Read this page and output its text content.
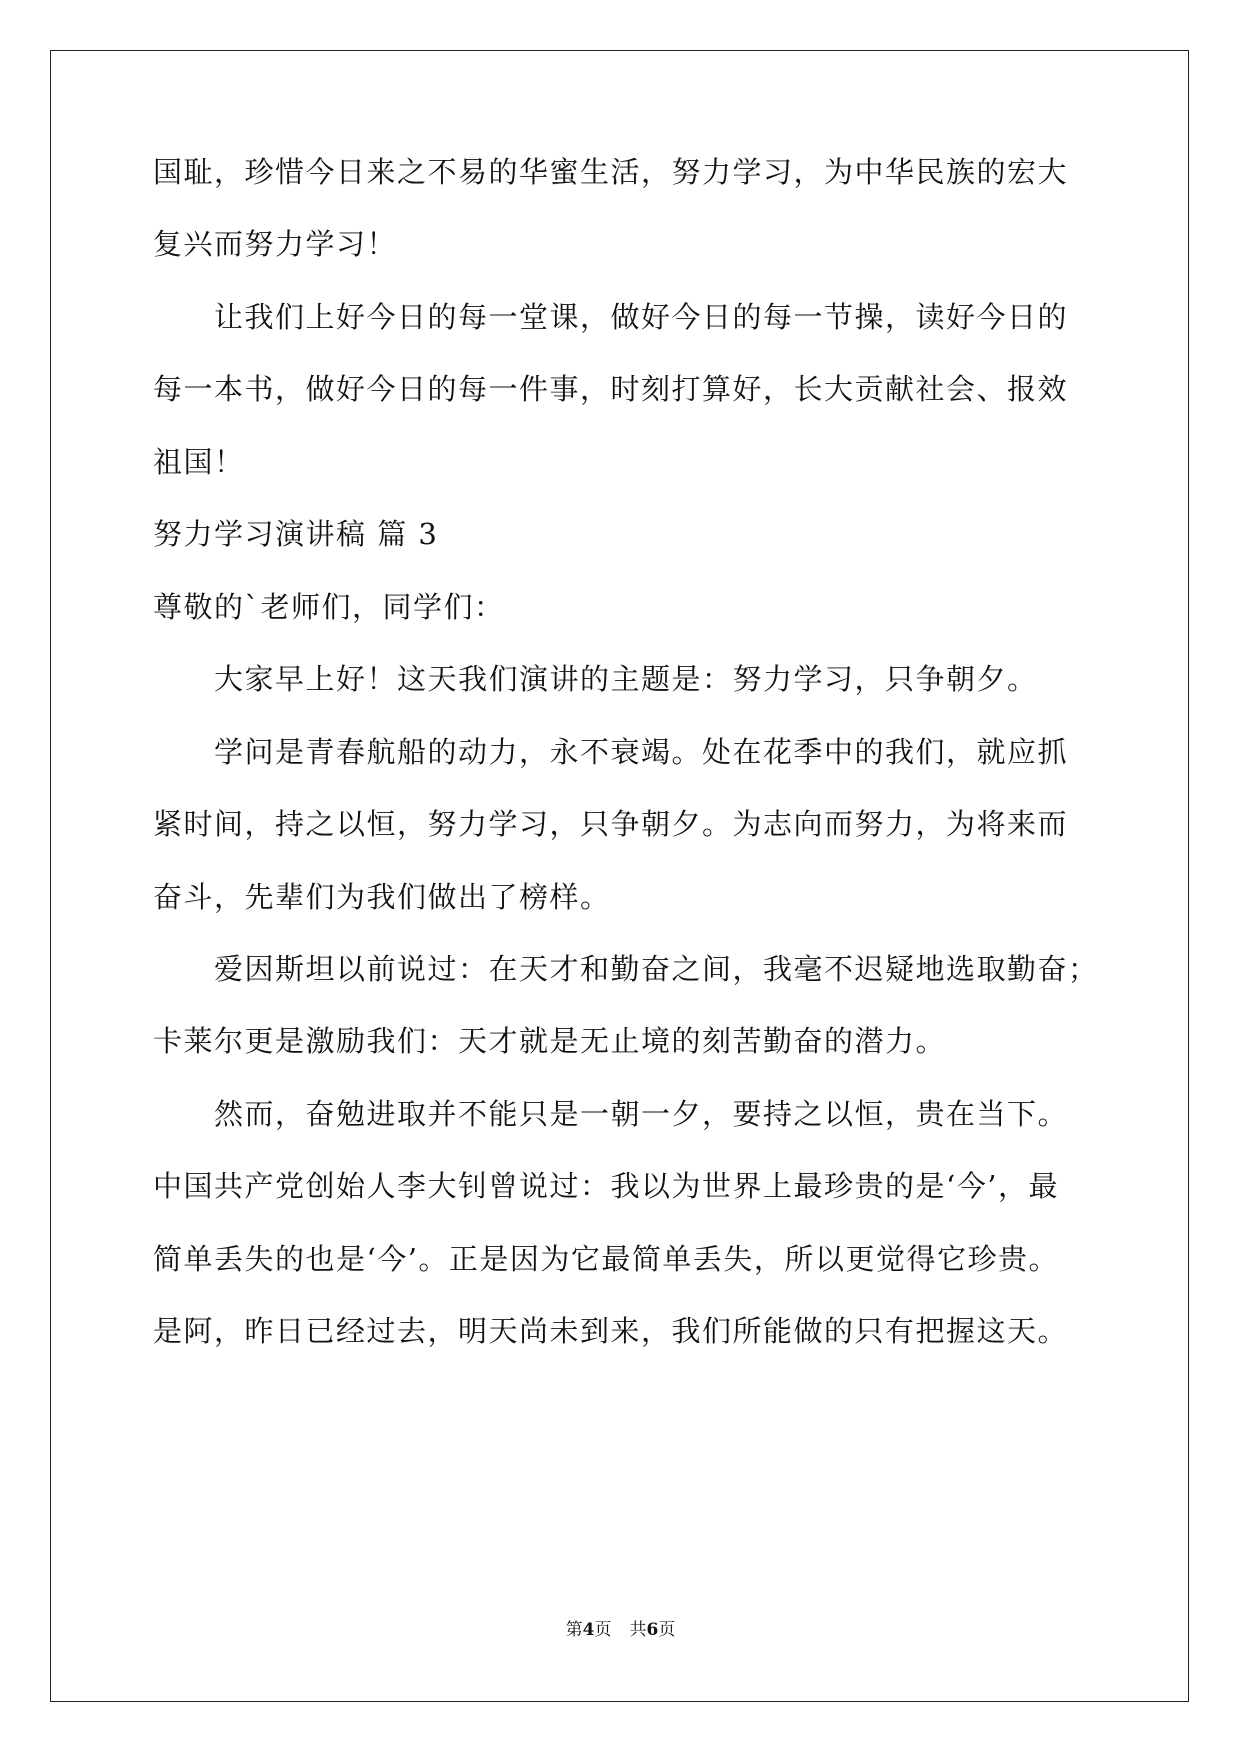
国耻，珍惜今日来之不易的华蜜生活，努力学习，为中华民族的宏大
复兴而努力学习！
让我们上好今日的每一堂课，做好今日的每一节操，读好今日的
每一本书，做好今日的每一件事，时刻打算好，长大贡献社会、报效
祖国！
努力学习演讲稿 篇 3
尊敬的`老师们，同学们：
大家早上好！这天我们演讲的主题是：努力学习，只争朝夕。
学问是青春航船的动力，永不衰竭。处在花季中的我们，就应抓
紧时间，持之以恒，努力学习，只争朝夕。为志向而努力，为将来而
奋斗，先辈们为我们做出了榜样。
爱因斯坦以前说过：在天才和勤奋之间，我毫不迟疑地选取勤奋；
卡莱尔更是激励我们：天才就是无止境的刻苦勤奋的潜力。
然而，奋勉进取并不能只是一朝一夕，要持之以恒，贵在当下。
中国共产党创始人李大钊曾说过：我以为世界上最珍贵的是‘今’，最
简单丢失的也是‘今’。正是因为它最简单丢失，所以更觉得它珍贵。
是阿，昨日已经过去，明天尚未到来，我们所能做的只有把握这天。
第4页 共6页
